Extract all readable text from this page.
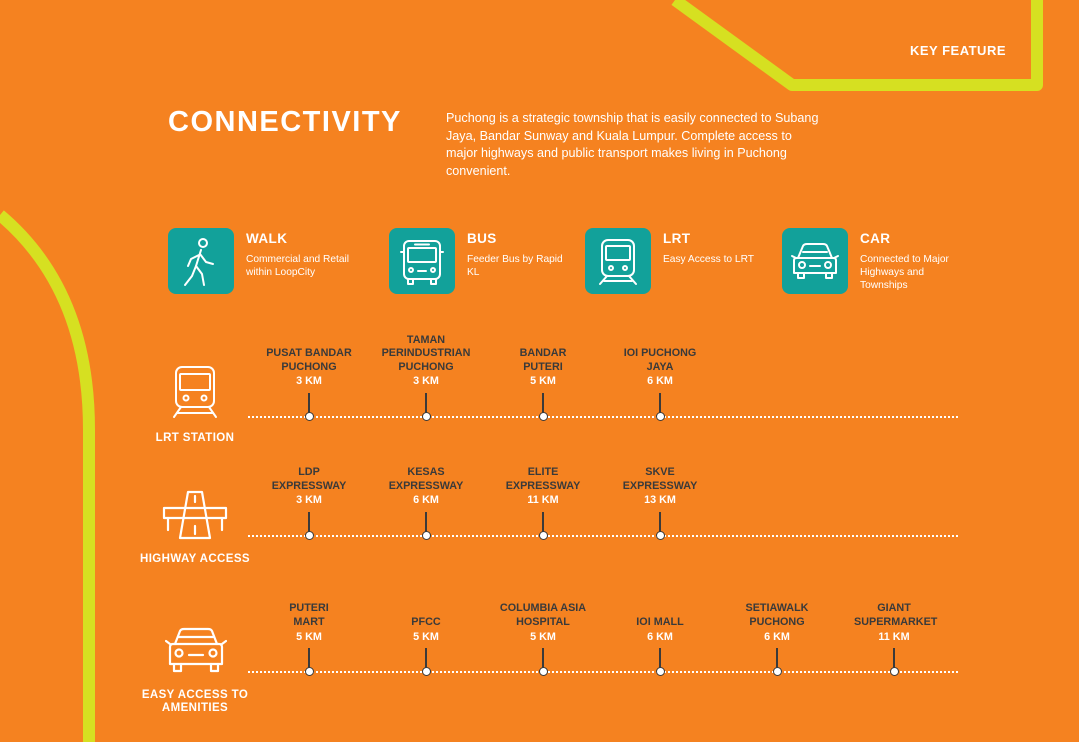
KEY FEATURE
CONNECTIVITY	Puchong is a strategic township that is easily connected to Subang Jaya, Bandar Sunway and Kuala Lumpur. Complete access to major highways and public transport makes living in Puchong convenient.
WALK
Commercial and Retail within LoopCity
BUS
Feeder Bus by Rapid KL
LRT
Easy Access to LRT
CAR
Connected to Major Highways and Townships
LRT STATION
HIGHWAY ACCESS
EASY ACCESS TO AMENITIES
PUSAT BANDAR PUCHONG
3 KM
TAMAN PERINDUSTRIAN PUCHONG
3 KM
BANDAR PUTERI
5 KM
IOI PUCHONG JAYA
6 KM
LDP EXPRESSWAY
3 KM
KESAS EXPRESSWAY
6 KM
ELITE EXPRESSWAY
11 KM
SKVE EXPRESSWAY
13 KM
PUTERI MART
5 KM
PFCC
5 KM
COLUMBIA ASIA HOSPITAL
5 KM
IOI MALL
6 KM
SETIAWALK PUCHONG
6 KM
GIANT SUPERMARKET
11 KM
